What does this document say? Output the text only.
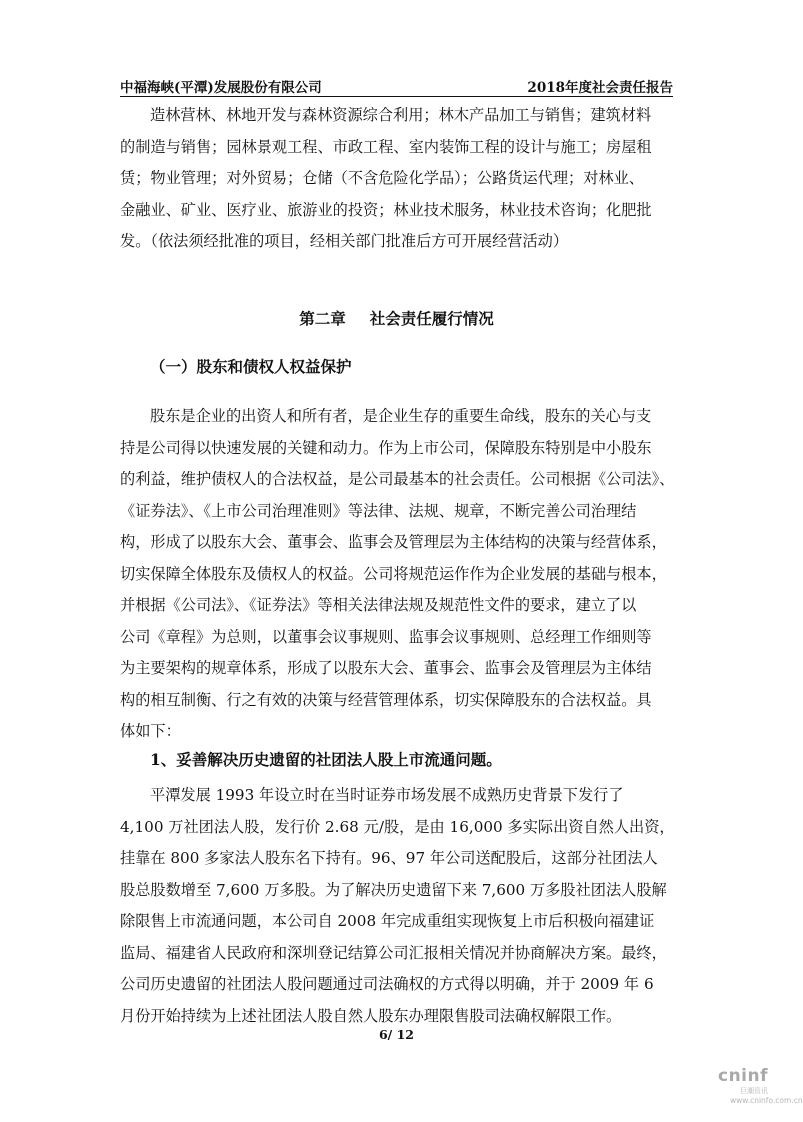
中福海峡(平潭)发展股份有限公司	2018年度社会责任报告
造林营林、林地开发与森林资源综合利用；林木产品加工与销售；建筑材料
的制造与销售；园林景观工程、市政工程、室内装饰工程的设计与施工；房屋租
赁；物业管理；对外贸易；仓储（不含危险化学品）；公路货运代理；对林业、
金融业、矿业、医疗业、旅游业的投资；林业技术服务，林业技术咨询；化肥批
发。（依法须经批准的项目，经相关部门批准后方可开展经营活动）
第二章 社会责任履行情况
（一）股东和债权人权益保护
股东是企业的出资人和所有者，是企业生存的重要生命线，股东的关心与支
持是公司得以快速发展的关键和动力。作为上市公司，保障股东特别是中小股东
的利益，维护债权人的合法权益，是公司最基本的社会责任。公司根据《公司法》、
《证券法》、《上市公司治理准则》等法律、法规、规章，不断完善公司治理结
构，形成了以股东大会、董事会、监事会及管理层为主体结构的决策与经营体系，
切实保障全体股东及债权人的权益。公司将规范运作作为企业发展的基础与根本，
并根据《公司法》、《证券法》等相关法律法规及规范性文件的要求，建立了以
公司《章程》为总则，以董事会议事规则、监事会议事规则、总经理工作细则等
为主要架构的规章体系，形成了以股东大会、董事会、监事会及管理层为主体结
构的相互制衡、行之有效的决策与经营管理体系，切实保障股东的合法权益。具
体如下：
1、妥善解决历史遗留的社团法人股上市流通问题。
平潭发展 1993 年设立时在当时证券市场发展不成熟历史背景下发行了
4,100 万社团法人股，发行价 2.68 元/股，是由 16,000 多实际出资自然人出资，
挂靠在 800 多家法人股东名下持有。96、97 年公司送配股后，这部分社团法人
股总股数增至 7,600 万多股。为了解决历史遗留下来 7,600 万多股社团法人股解
除限售上市流通问题，本公司自 2008 年完成重组实现恢复上市后积极向福建证
监局、福建省人民政府和深圳登记结算公司汇报相关情况并协商解决方案。最终，
公司历史遗留的社团法人股问题通过司法确权的方式得以明确，并于 2009 年 6
月份开始持续为上述社团法人股自然人股东办理限售股司法确权解限工作。
6/ 12
cninf
巨潮资讯
www.cninfo.com.cn
